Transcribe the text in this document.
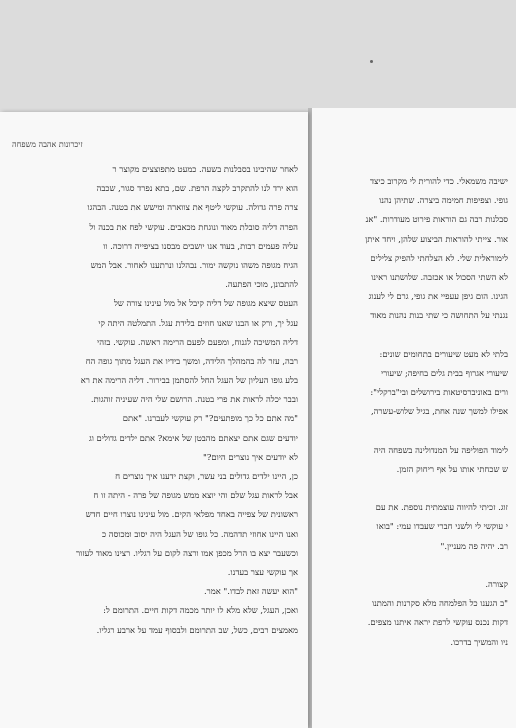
זיכרונות אהבה משפחה
לאחר שהיבינו בסבלנות בשעה. כמעט מתפוצצים מקוצר ר
הוא ירד לנו להתקרב לקצה הרפת. שם, בתא נפרד סגור, שכבה
צרה פרה גדולה. עוקשי ליטף את צווארה ומישש את בטנה. הבהגו
הפרה דליה סובלת מאוד ונוגחת מכאבים. עוקשי לפח את בכנה ול
עליה פעמים רבות, בעוד אנו יושבים מבסנו בציפייה דרוכה. וו
הגיח מגופה משהו נוקשה ימור. נבהלנו ונרתענו לאחור. אבל המש
להתבונן, מוכי הפתעה.
העטס שיצא מגופה של דליה קיבל אל מול עינינו צורה של
עגל יך, ורק או הבנו שאנו חוזים בלידת עגל. התמלטה היתה קי
דליה המשיכה לגנוח, ומפעם לפעם הרימה ראשה. עוקשי. בזהי
רבה, עזר לה בהמהלך הלידה, ומשך בידיו את העגל מתוך גופה הח
בלע גופו העליון של העגל החל להסתמן בבירור. דליה הרימה את רא
ובבר יכלה לראות את פרי בטנה. הרושם שלי היה שעיניה זוהגות.
"מה אתם כל כך מופתעים?" רק עוקשי לעברנו. "אתם
יודעים שגם אתם יצאתם מהבטן של אימא? אתם ילדים גדולים וג
לא יודעים איך נוצרים היום?"
כן, היינו ילדים גדולים בני עשר, וקצת ידענו איך נוצרים ח
אבל לראות עגל שלם והי יוצא ממש מגופה של פרה - היתה זו ח
ראשונית של צפייה באחד מפלאי הקים. מול עינינו נוצרו חיים חדש
ואנו היינו אחוזי תדהמה. כל גופו של העגל היה יסוב ומכוסה כ
וכשעבר יצא בו הרל מכפן אמו ורצה לקום על רגליו. רצינו מאוד לעזור
אך עוקשי עצר בעדנו.
"הוא יעשה זאת לבדו." אמר.
ואכן, העגל, שלא מלא לו יותר מכמה דקות חיים. התרומם ל:
מאמצים רבים, כשל, שב התרומם ולבסוף עמד על ארבע רגליו.
ישיבה משמאלי. כדי להורית לי מקרוב כיצד
גופי. וצפיפות חמימה ביצרה. שתיהן נהנו
סבלנות רבה גם הוראות פירוט מעודרות. "אנ
אור. צייתי להוראות הביצוע שלהן, ויחד איתן
לימוראלית שלי. לא הצלחתי להפיק צלילים
לא השתי הסכול או אכזבה. שלושתנו ראינו
הגינו. הום גיפן עעפיי את גופי, גרם לי לענוג
נגנתי על התחושה כי שתי בנות נהנות מאוד
בלתי לא מעט שיעורים בתחומים שונים:
שיעורי אגרוף בבית גלים בחיפה; שיעורי
ורים באוניברסיטאות בירושלים ובי"ברקלי":
אפילו למשך שנה אחת, בגיל שלוש-עשרה,
לימוד הפוליפה על המנדולינה בשפחה היה
ש שכחתי אותו על אף ריחוק הזמן.
זוג. זכיתי להיווה עוצמתית נוספת. את עם
י עוקשי לי ולשני חברי שעבדו עמי: "בואו
רב. יהיה פה מעניין."
קצורה.
"ב הגענו כל הפלמחה מלא סקרנות והמתנו
דקות נכנס עוקשי לרפת יראה איתנו מצפים.
ניו והמשיך בדרכו.
